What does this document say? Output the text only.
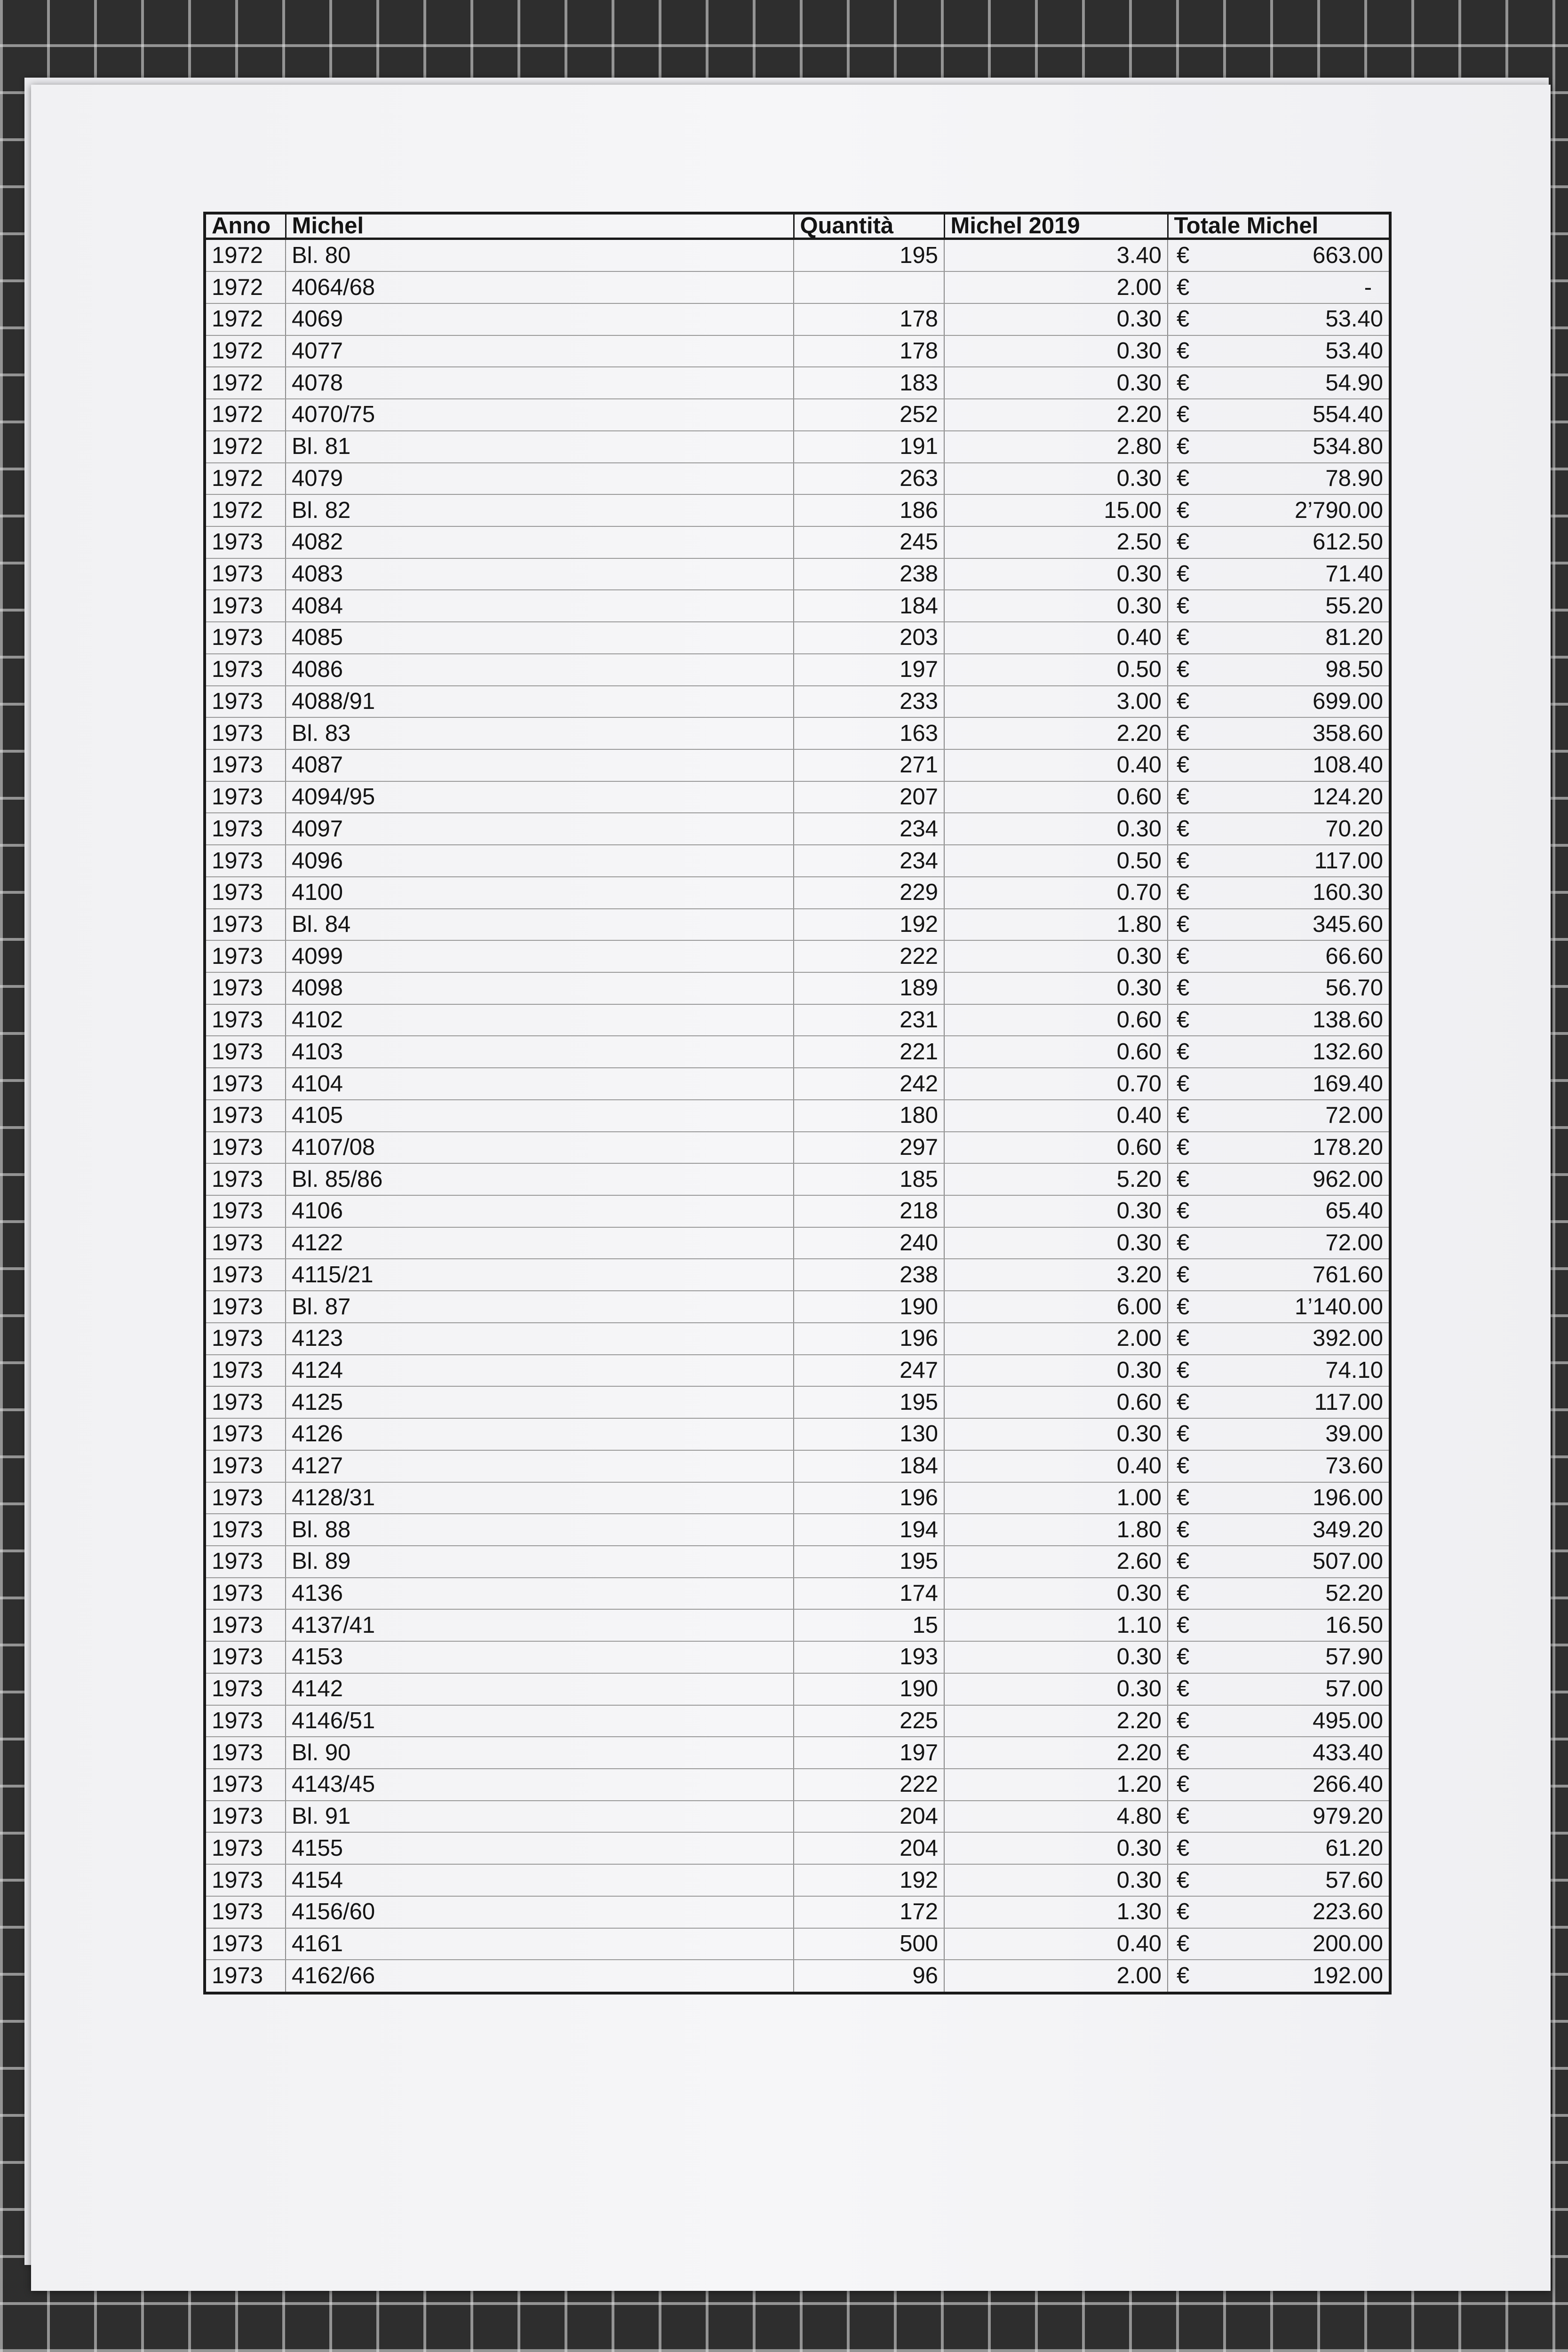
Anno	Michel	Quantità	Michel 2019	Totale Michel	
1972	Bl. 80	195	3.40	€	663.00
1972	4064/68		2.00	€	-
1972	4069	178	0.30	€	53.40
1972	4077	178	0.30	€	53.40
1972	4078	183	0.30	€	54.90
1972	4070/75	252	2.20	€	554.40
1972	Bl. 81	191	2.80	€	534.80
1972	4079	263	0.30	€	78.90
1972	Bl. 82	186	15.00	€	2’790.00
1973	4082	245	2.50	€	612.50
1973	4083	238	0.30	€	71.40
1973	4084	184	0.30	€	55.20
1973	4085	203	0.40	€	81.20
1973	4086	197	0.50	€	98.50
1973	4088/91	233	3.00	€	699.00
1973	Bl. 83	163	2.20	€	358.60
1973	4087	271	0.40	€	108.40
1973	4094/95	207	0.60	€	124.20
1973	4097	234	0.30	€	70.20
1973	4096	234	0.50	€	117.00
1973	4100	229	0.70	€	160.30
1973	Bl. 84	192	1.80	€	345.60
1973	4099	222	0.30	€	66.60
1973	4098	189	0.30	€	56.70
1973	4102	231	0.60	€	138.60
1973	4103	221	0.60	€	132.60
1973	4104	242	0.70	€	169.40
1973	4105	180	0.40	€	72.00
1973	4107/08	297	0.60	€	178.20
1973	Bl. 85/86	185	5.20	€	962.00
1973	4106	218	0.30	€	65.40
1973	4122	240	0.30	€	72.00
1973	4115/21	238	3.20	€	761.60
1973	Bl. 87	190	6.00	€	1’140.00
1973	4123	196	2.00	€	392.00
1973	4124	247	0.30	€	74.10
1973	4125	195	0.60	€	117.00
1973	4126	130	0.30	€	39.00
1973	4127	184	0.40	€	73.60
1973	4128/31	196	1.00	€	196.00
1973	Bl. 88	194	1.80	€	349.20
1973	Bl. 89	195	2.60	€	507.00
1973	4136	174	0.30	€	52.20
1973	4137/41	15	1.10	€	16.50
1973	4153	193	0.30	€	57.90
1973	4142	190	0.30	€	57.00
1973	4146/51	225	2.20	€	495.00
1973	Bl. 90	197	2.20	€	433.40
1973	4143/45	222	1.20	€	266.40
1973	Bl. 91	204	4.80	€	979.20
1973	4155	204	0.30	€	61.20
1973	4154	192	0.30	€	57.60
1973	4156/60	172	1.30	€	223.60
1973	4161	500	0.40	€	200.00
1973	4162/66	96	2.00	€	192.00
